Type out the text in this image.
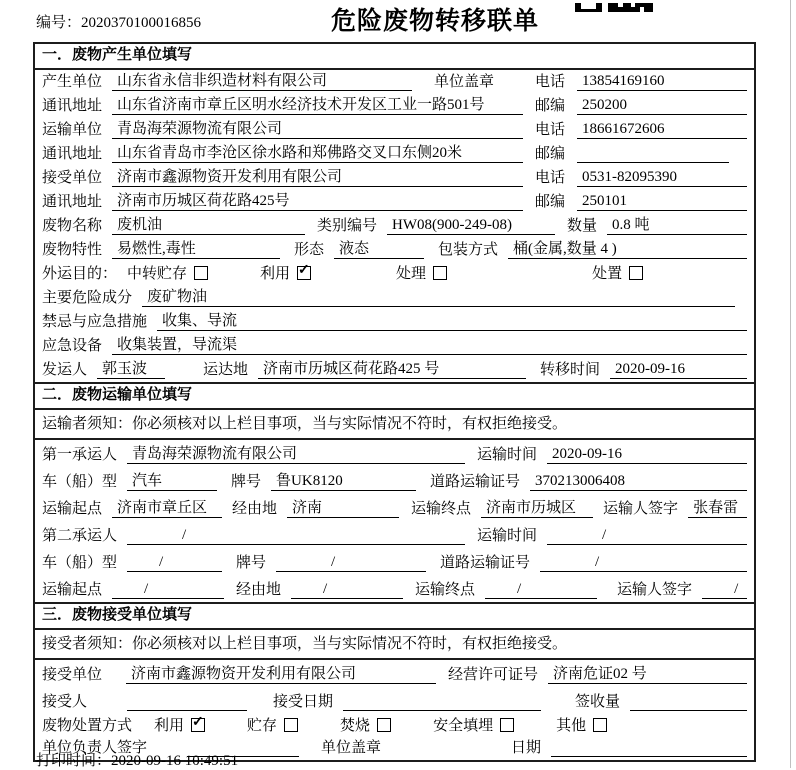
编号：2020370100016856	危险废物转移联单
一．废物产生单位填写
产生单位	山东省永信非织造材料有限公司	单位盖章	电话	13854169160
通讯地址	山东省济南市章丘区明水经济技术开发区工业一路501号	邮编	250200
运输单位	青岛海荣源物流有限公司	电话	18661672606
通讯地址	山东省青岛市李沧区徐水路和郑佛路交叉口东侧20米	邮编
接受单位	济南市鑫源物资开发利用有限公司	电话	0531-82095390
通讯地址	济南市历城区荷花路425号	邮编	250101
废物名称	废机油	类别编号	HW08(900-249-08)	数量	0.8 吨
废物特性	易燃性,毒性	形态	液态	包装方式	桶(金属,数量 4 )
外运目的： 中转贮存	利用 ✓	处理	处置
主要危险成分	废矿物油
禁忌与应急措施	收集、导流
应急设备	收集装置，导流渠
发运人	郭玉波	运达地	济南市历城区荷花路425 号	转移时间	2020-09-16
二．废物运输单位填写
运输者须知：你必须核对以上栏目事项，当与实际情况不符时，有权拒绝接受。
第一承运人	青岛海荣源物流有限公司	运输时间	2020-09-16
车（船）型	汽车	牌号	鲁UK8120	道路运输证号	370213006408
运输起点	济南市章丘区	经由地	济南	运输终点	济南市历城区	运输人签字	张春雷
第二承运人	/	运输时间	/
车（船）型	/	牌号	/	道路运输证号	/
运输起点	/	经由地	/	运输终点	/	运输人签字	/
三．废物接受单位填写
接受者须知：你必须核对以上栏目事项，当与实际情况不符时，有权拒绝接受。
接受单位	济南市鑫源物资开发利用有限公司	经营许可证号	济南危证02 号
接受人	接受日期	签收量
废物处置方式 利用 ✓	贮存	焚烧	安全填埋	其他
单位负责人签字	单位盖章	日期
打印时间：2020-09-16 10:49:51
